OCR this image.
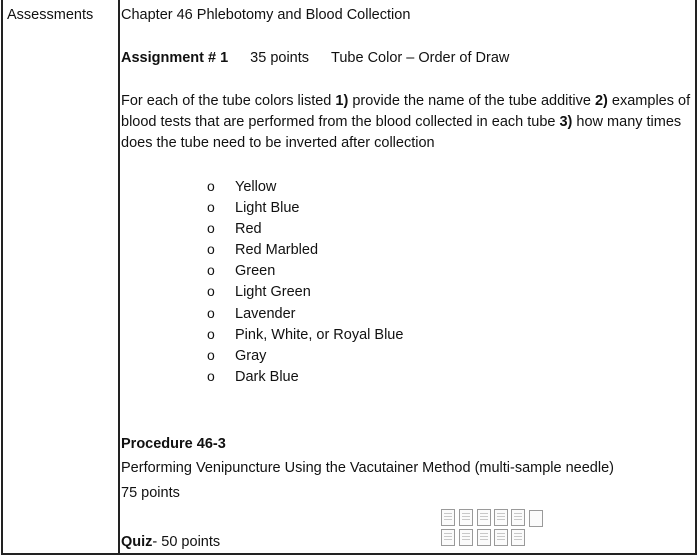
Assessments Chapter 46 Phlebotomy and Blood Collection
Assignment # 1 35 points Tube Color – Order of Draw
For each of the tube colors listed 1) provide the name of the tube additive 2) examples of blood tests that are performed from the blood collected in each tube 3) how many times does the tube need to be inverted after collection
o Yellow
o Light Blue
o Red
o Red Marbled
o Green
o Light Green
o Lavender
o Pink, White, or Royal Blue
o Gray
o Dark Blue
Procedure 46-3
Performing Venipuncture Using the Vacutainer Method (multi-sample needle)
75 points
Quiz- 50 points
